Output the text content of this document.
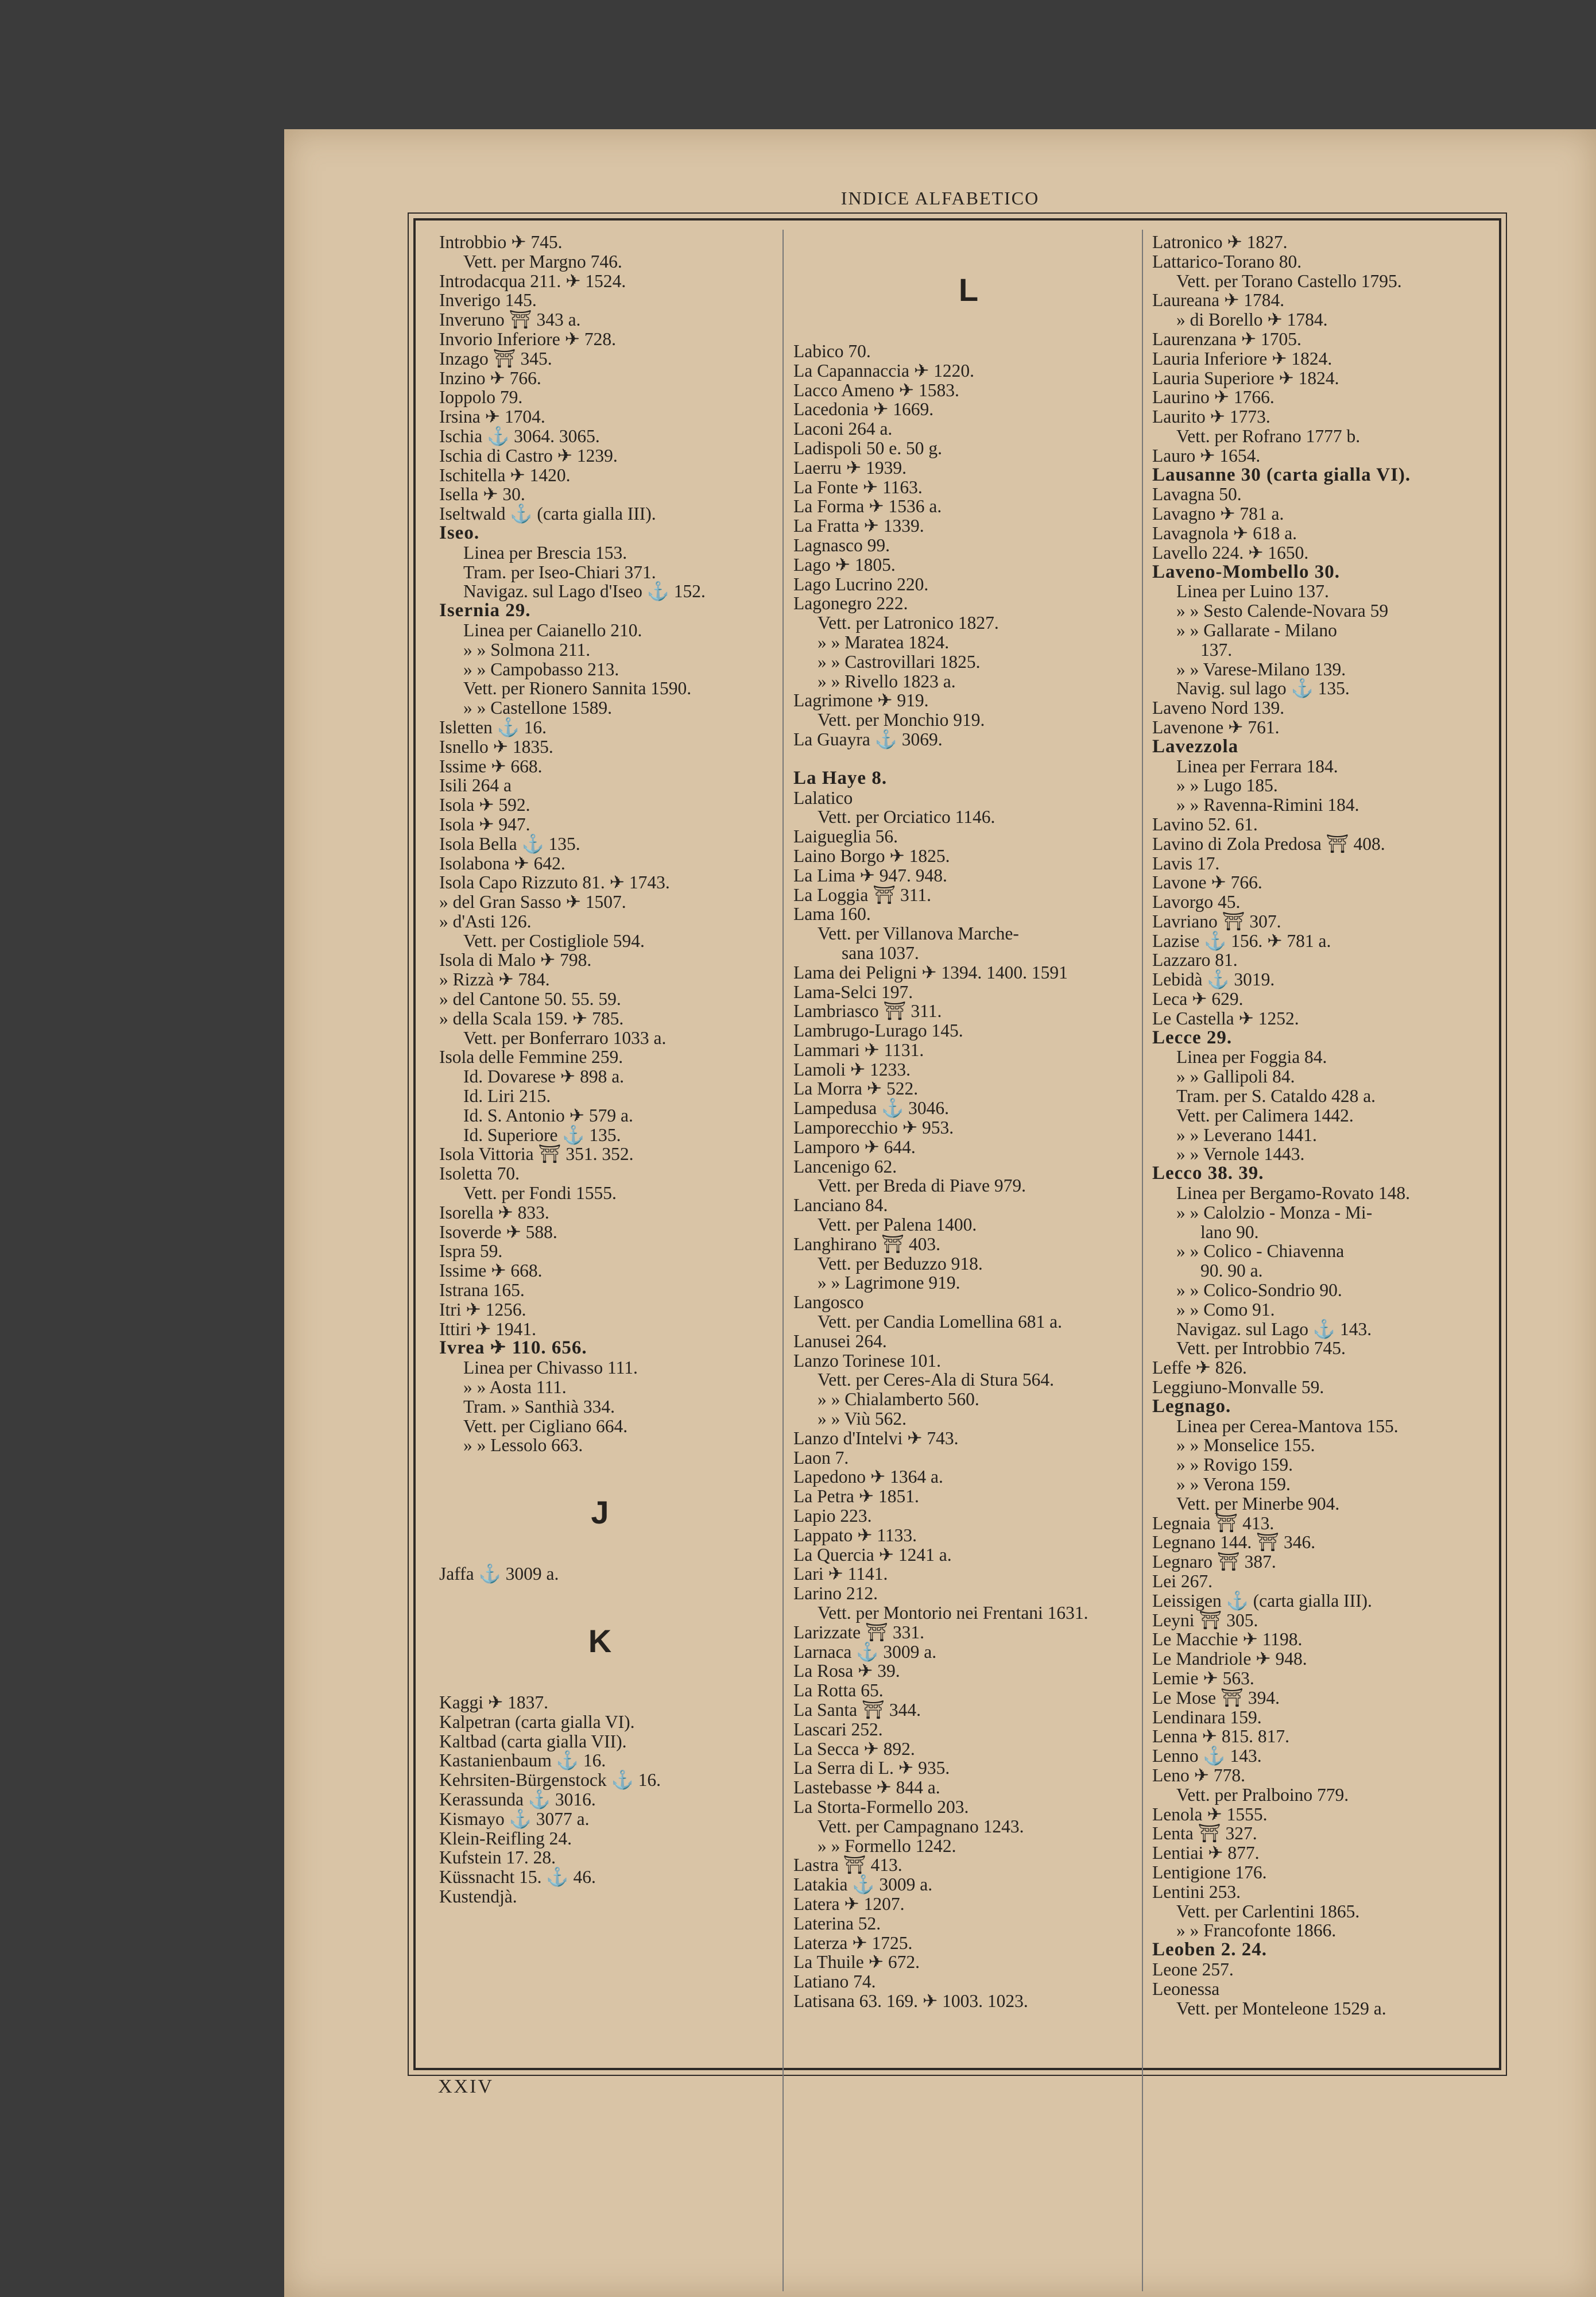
INDICE ALFABETICO
Introbbio ✈ 745.
Vett. per Margno 746.
Introdacqua 211. ✈ 1524.
Inverigo 145.
Inveruno ⛩ 343 a.
Invorio Inferiore ✈ 728.
Inzago ⛩ 345.
Inzino ✈ 766.
Ioppolo 79.
Irsina ✈ 1704.
Ischia ⚓ 3064. 3065.
Ischia di Castro ✈ 1239.
Ischitella ✈ 1420.
Isella ✈ 30.
Iseltwald ⚓ (carta gialla III).
Iseo.
Linea per Brescia 153.
Tram. per Iseo-Chiari 371.
Navigaz. sul Lago d'Iseo ⚓ 152.
Isernia 29.
Linea per Caianello 210.
» » Solmona 211.
» » Campobasso 213.
Vett. per Rionero Sannita 1590.
» » Castellone 1589.
Isletten ⚓ 16.
Isnello ✈ 1835.
Issime ✈ 668.
Isili 264 a
Isola ✈ 592.
Isola ✈ 947.
Isola Bella ⚓ 135.
Isolabona ✈ 642.
Isola Capo Rizzuto 81. ✈ 1743.
» del Gran Sasso ✈ 1507.
» d'Asti 126.
Vett. per Costigliole 594.
Isola di Malo ✈ 798.
» Rizzà ✈ 784.
» del Cantone 50. 55. 59.
» della Scala 159. ✈ 785.
Vett. per Bonferraro 1033 a.
Isola delle Femmine 259.
Id. Dovarese ✈ 898 a.
Id. Liri 215.
Id. S. Antonio ✈ 579 a.
Id. Superiore ⚓ 135.
Isola Vittoria ⛩ 351. 352.
Isoletta 70.
Vett. per Fondi 1555.
Isorella ✈ 833.
Isoverde ✈ 588.
Ispra 59.
Issime ✈ 668.
Istrana 165.
Itri ✈ 1256.
Ittiri ✈ 1941.
Ivrea ✈ 110. 656.
Linea per Chivasso 111.
» » Aosta 111.
Tram. » Santhià 334.
Vett. per Cigliano 664.
» » Lessolo 663.
J
Jaffa ⚓ 3009 a.
K
Kaggi ✈ 1837.
Kalpetran (carta gialla VI).
Kaltbad (carta gialla VII).
Kastanienbaum ⚓ 16.
Kehrsiten-Bürgenstock ⚓ 16.
Kerassunda ⚓ 3016.
Kismayo ⚓ 3077 a.
Klein-Reifling 24.
Kufstein 17. 28.
Küssnacht 15. ⚓ 46.
Kustendjà.
L
Labico 70.
La Capannaccia ✈ 1220.
Lacco Ameno ✈ 1583.
Lacedonia ✈ 1669.
Laconi 264 a.
Ladispoli 50 e. 50 g.
Laerru ✈ 1939.
La Fonte ✈ 1163.
La Forma ✈ 1536 a.
La Fratta ✈ 1339.
Lagnasco 99.
Lago ✈ 1805.
Lago Lucrino 220.
Lagonegro 222.
Vett. per Latronico 1827.
» » Maratea 1824.
» » Castrovillari 1825.
» » Rivello 1823 a.
Lagrimone ✈ 919.
Vett. per Monchio 919.
La Guayra ⚓ 3069.
La Haye 8.
Lalatico
Vett. per Orciatico 1146.
Laigueglia 56.
Laino Borgo ✈ 1825.
La Lima ✈ 947. 948.
La Loggia ⛩ 311.
Lama 160.
Vett. per Villanova Marche-
sana 1037.
Lama dei Peligni ✈ 1394. 1400. 1591
Lama-Selci 197.
Lambriasco ⛩ 311.
Lambrugo-Lurago 145.
Lammari ✈ 1131.
Lamoli ✈ 1233.
La Morra ✈ 522.
Lampedusa ⚓ 3046.
Lamporecchio ✈ 953.
Lamporo ✈ 644.
Lancenigo 62.
Vett. per Breda di Piave 979.
Lanciano 84.
Vett. per Palena 1400.
Langhirano ⛩ 403.
Vett. per Beduzzo 918.
» » Lagrimone 919.
Langosco
Vett. per Candia Lomellina 681 a.
Lanusei 264.
Lanzo Torinese 101.
Vett. per Ceres-Ala di Stura 564.
» » Chialamberto 560.
» » Viù 562.
Lanzo d'Intelvi ✈ 743.
Laon 7.
Lapedono ✈ 1364 a.
La Petra ✈ 1851.
Lapio 223.
Lappato ✈ 1133.
La Quercia ✈ 1241 a.
Lari ✈ 1141.
Larino 212.
Vett. per Montorio nei Frentani 1631.
Larizzate ⛩ 331.
Larnaca ⚓ 3009 a.
La Rosa ✈ 39.
La Rotta 65.
La Santa ⛩ 344.
Lascari 252.
La Secca ✈ 892.
La Serra di L. ✈ 935.
Lastebasse ✈ 844 a.
La Storta-Formello 203.
Vett. per Campagnano 1243.
» » Formello 1242.
Lastra ⛩ 413.
Latakia ⚓ 3009 a.
Latera ✈ 1207.
Laterina 52.
Laterza ✈ 1725.
La Thuile ✈ 672.
Latiano 74.
Latisana 63. 169. ✈ 1003. 1023.
Latronico ✈ 1827.
Lattarico-Torano 80.
Vett. per Torano Castello 1795.
Laureana ✈ 1784.
» di Borello ✈ 1784.
Laurenzana ✈ 1705.
Lauria Inferiore ✈ 1824.
Lauria Superiore ✈ 1824.
Laurino ✈ 1766.
Laurito ✈ 1773.
Vett. per Rofrano 1777 b.
Lauro ✈ 1654.
Lausanne 30 (carta gialla VI).
Lavagna 50.
Lavagno ✈ 781 a.
Lavagnola ✈ 618 a.
Lavello 224. ✈ 1650.
Laveno-Mombello 30.
Linea per Luino 137.
» » Sesto Calende-Novara 59
» » Gallarate - Milano
137.
» » Varese-Milano 139.
Navig. sul lago ⚓ 135.
Laveno Nord 139.
Lavenone ✈ 761.
Lavezzola
Linea per Ferrara 184.
» » Lugo 185.
» » Ravenna-Rimini 184.
Lavino 52. 61.
Lavino di Zola Predosa ⛩ 408.
Lavis 17.
Lavone ✈ 766.
Lavorgo 45.
Lavriano ⛩ 307.
Lazise ⚓ 156. ✈ 781 a.
Lazzaro 81.
Lebidà ⚓ 3019.
Leca ✈ 629.
Le Castella ✈ 1252.
Lecce 29.
Linea per Foggia 84.
» » Gallipoli 84.
Tram. per S. Cataldo 428 a.
Vett. per Calimera 1442.
» » Leverano 1441.
» » Vernole 1443.
Lecco 38. 39.
Linea per Bergamo-Rovato 148.
» » Calolzio - Monza - Mi-
lano 90.
» » Colico - Chiavenna
90. 90 a.
» » Colico-Sondrio 90.
» » Como 91.
Navigaz. sul Lago ⚓ 143.
Vett. per Introbbio 745.
Leffe ✈ 826.
Leggiuno-Monvalle 59.
Legnago.
Linea per Cerea-Mantova 155.
» » Monselice 155.
» » Rovigo 159.
» » Verona 159.
Vett. per Minerbe 904.
Legnaia ⛩ 413.
Legnano 144. ⛩ 346.
Legnaro ⛩ 387.
Lei 267.
Leissigen ⚓ (carta gialla III).
Leyni ⛩ 305.
Le Macchie ✈ 1198.
Le Mandriole ✈ 948.
Lemie ✈ 563.
Le Mose ⛩ 394.
Lendinara 159.
Lenna ✈ 815. 817.
Lenno ⚓ 143.
Leno ✈ 778.
Vett. per Pralboino 779.
Lenola ✈ 1555.
Lenta ⛩ 327.
Lentiai ✈ 877.
Lentigione 176.
Lentini 253.
Vett. per Carlentini 1865.
» » Francofonte 1866.
Leoben 2. 24.
Leone 257.
Leonessa
Vett. per Monteleone 1529 a.
XXIV
